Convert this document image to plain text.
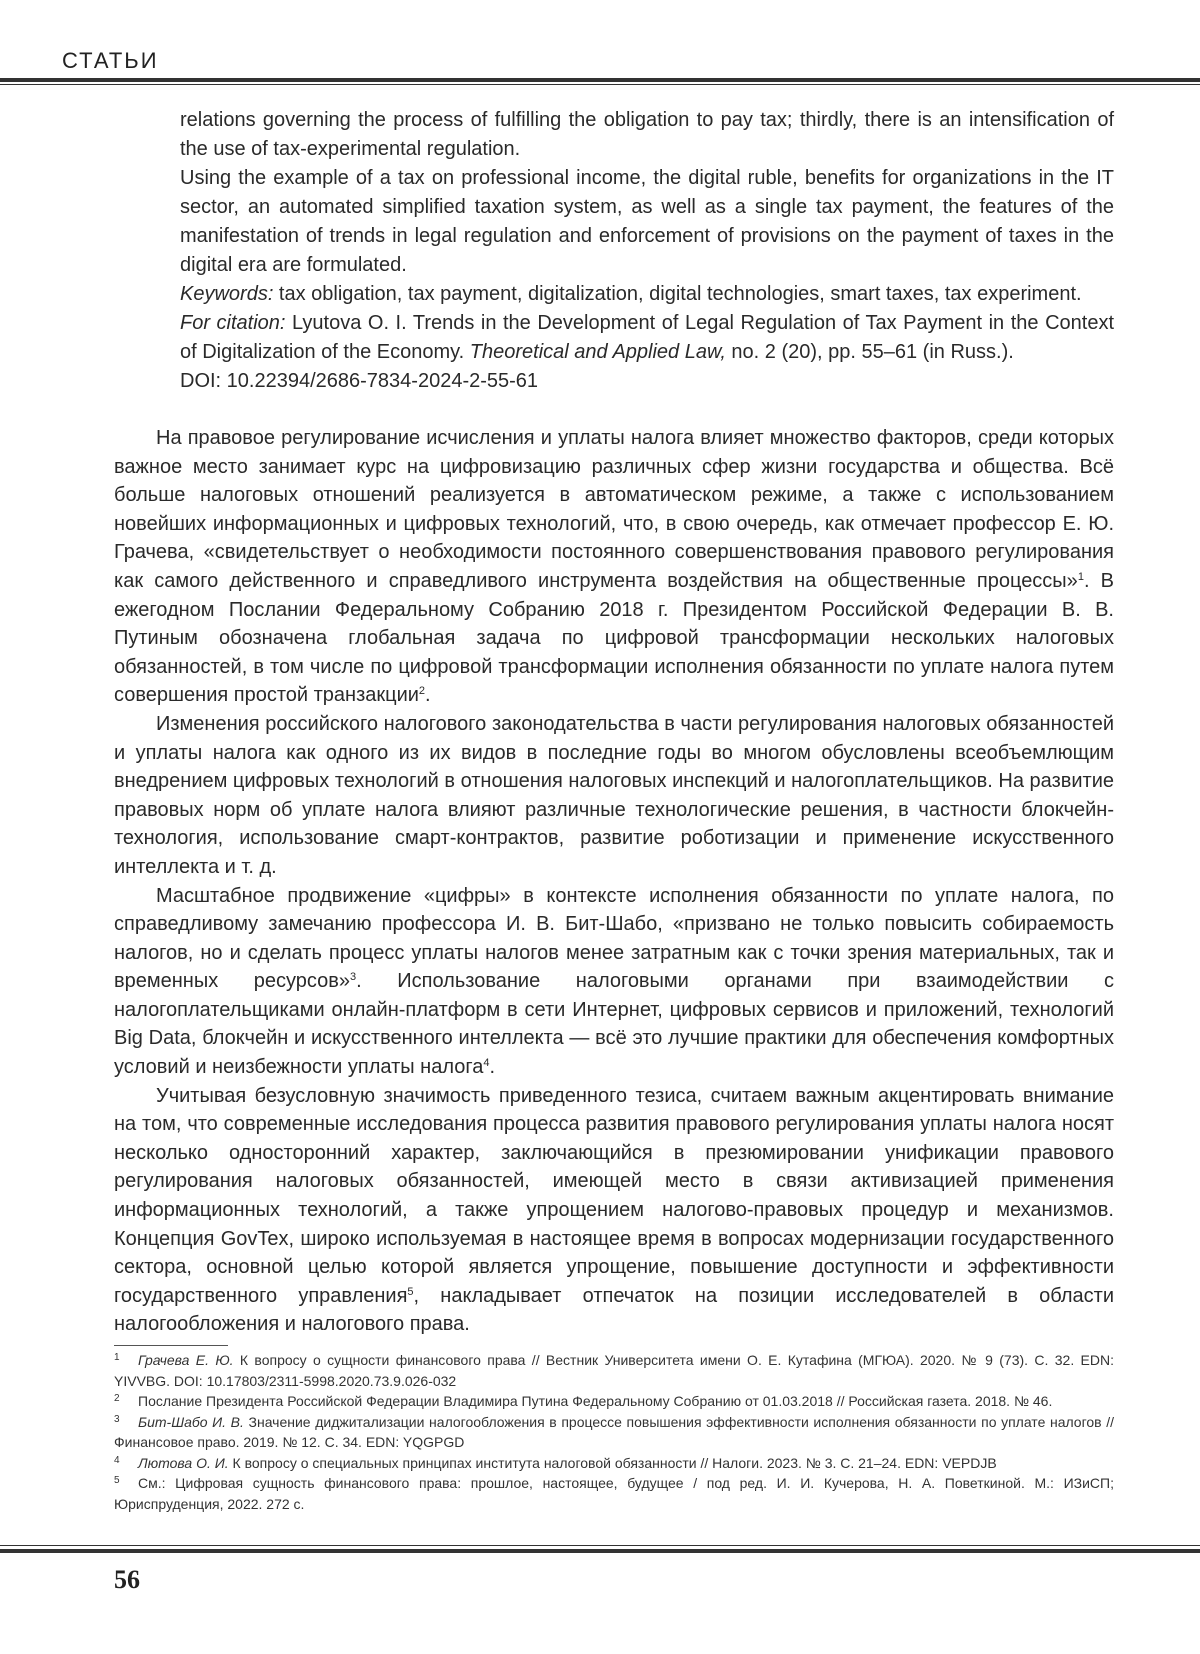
СТАТЬИ

relations governing the process of fulfilling the obligation to pay tax; thirdly, there is an intensification of the use of tax-experimental regulation.

Using the example of a tax on professional income, the digital ruble, benefits for organizations in the IT sector, an automated simplified taxation system, as well as a single tax payment, the features of the manifestation of trends in legal regulation and enforcement of provisions on the payment of taxes in the digital era are formulated.

Keywords: tax obligation, tax payment, digitalization, digital technologies, smart taxes, tax experiment.

For citation: Lyutova O. I. Trends in the Development of Legal Regulation of Tax Payment in the Context of Digitalization of the Economy. Theoretical and Applied Law, no. 2 (20), pp. 55–61 (in Russ.).

DOI: 10.22394/2686-7834-2024-2-55-61

На правовое регулирование исчисления и уплаты налога влияет множество факторов, среди которых важное место занимает курс на цифровизацию различных сфер жизни государства и общества. Всё больше налоговых отношений реализуется в автоматическом режиме, а также с использованием новейших информационных и цифровых технологий, что, в свою очередь, как отмечает профессор Е. Ю. Грачева, «свидетельствует о необходимости постоянного совершенствования правового регулирования как самого действенного и справедливого инструмента воздействия на общественные процессы»$^1$. В ежегодном Послании Федеральному Собранию 2018 г. Президентом Российской Федерации В. В. Путиным обозначена глобальная задача по цифровой трансформации нескольких налоговых обязанностей, в том числе по цифровой трансформации исполнения обязанности по уплате налога путем совершения простой транзакции$^2$.

Изменения российского налогового законодательства в части регулирования налоговых обязанностей и уплаты налога как одного из их видов в последние годы во многом обусловлены всеобъемлющим внедрением цифровых технологий в отношения налоговых инспекций и налогоплательщиков. На развитие правовых норм об уплате налога влияют различные технологические решения, в частности блокчейн-технология, использование смарт-контрактов, развитие роботизации и применение искусственного интеллекта и т. д.

Масштабное продвижение «цифры» в контексте исполнения обязанности по уплате налога, по справедливому замечанию профессора И. В. Бит-Шабо, «призвано не только повысить собираемость налогов, но и сделать процесс уплаты налогов менее затратным как с точки зрения материальных, так и временных ресурсов»$^3$. Использование налоговыми органами при взаимодействии с налогоплательщиками онлайн-платформ в сети Интернет, цифровых сервисов и приложений, технологий Big Data, блокчейн и искусственного интеллекта — всё это лучшие практики для обеспечения комфортных условий и неизбежности уплаты налога$^4$.

Учитывая безусловную значимость приведенного тезиса, считаем важным акцентировать внимание на том, что современные исследования процесса развития правового регулирования уплаты налога носят несколько односторонний характер, заключающийся в презюмировании унификации правового регулирования налоговых обязанностей, имеющей место в связи активизацией применения информационных технологий, а также упрощением налогово-правовых процедур и механизмов. Концепция GovTex, широко используемая в настоящее время в вопросах модернизации государственного сектора, основной целью которой является упрощение, повышение доступности и эффективности государственного управления$^5$, накладывает отпечаток на позиции исследователей в области налогообложения и налогового права.

1 Грачева Е. Ю. К вопросу о сущности финансового права // Вестник Университета имени О. Е. Кутафина (МГЮА). 2020. № 9 (73). С. 32. EDN: YIVVBG. DOI: 10.17803/2311-5998.2020.73.9.026-032

2 Послание Президента Российской Федерации Владимира Путина Федеральному Собранию от 01.03.2018 // Российская газета. 2018. № 46.

3 Бит-Шабо И. В. Значение диджитализации налогообложения в процессе повышения эффективности исполнения обязанности по уплате налогов // Финансовое право. 2019. № 12. С. 34. EDN: YQGPGD

4 Лютова О. И. К вопросу о специальных принципах института налоговой обязанности // Налоги. 2023. № 3. С. 21–24. EDN: VEPDJB

5 См.: Цифровая сущность финансового права: прошлое, настоящее, будущее / под ред. И. И. Кучерова, Н. А. Поветкиной. М.: ИЗиСП; Юриспруденция, 2022. 272 с.

56
